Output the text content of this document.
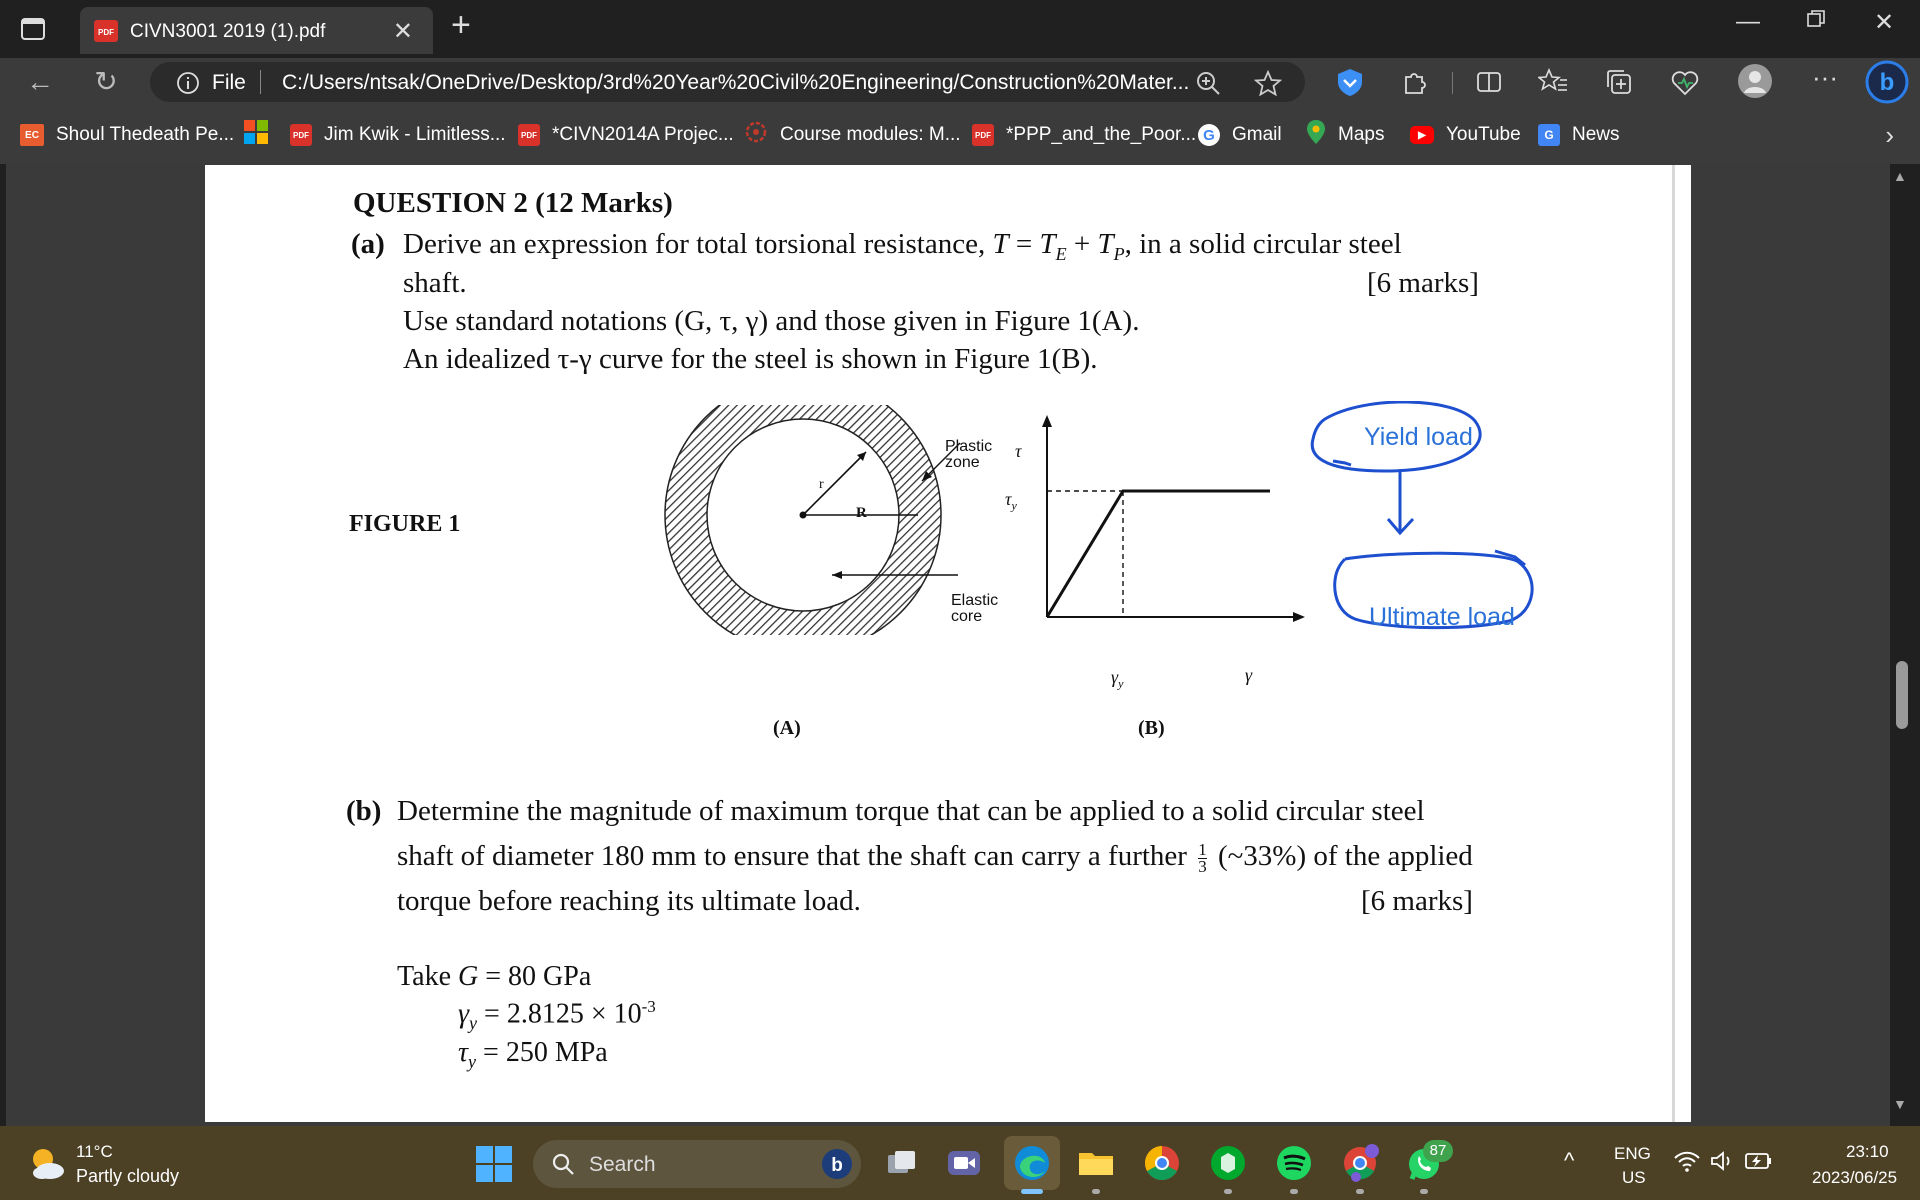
PDF CIVN3001 2019 (1).pdf	✕ +	—	✕
← ↻	File C:/Users/ntsak/OneDrive/Desktop/3rd%20Year%20Civil%20Engineering/Construction%20Mater...	··· b
EC Shoul Thedeath Pe...	PDF Jim Kwik - Limitless...	PDF *CIVN2014A Projec... Course modules: M...	PDF *PPP_and_the_Poor... G Gmail	Maps	▶	YouTube	G News	›
QUESTION 2 (12 Marks)
(a) Derive an expression for total torsional resistance, $T = T_E + T_P$, in a solid circular steel
shaft.	[6 marks]
Use standard notations (G, τ, γ) and those given in Figure 1(A).
An idealized τ-γ curve for the steel is shown in Figure 1(B).
FIGURE 1	R
r
Plastic
zone
Elastic
core
τ
$\tau_y$
$\gamma_y$	γ
(A)	(B)
Yield load
Ultimate load
(b) Determine the magnitude of maximum torque that can be applied to a solid circular steel
shaft of diameter 180 mm to ensure that the shaft can carry a further $\frac{1}{3}$ (~33%) of the applied
torque before reaching its ultimate load.	[6 marks]
Take G = 80 GPa
$\gamma_y = 2.8125 \times 10^{-3}$
$\tau_y = 250$ MPa
▲
▼
11°C
Partly cloudy	Search	b
87	^ ENG
US
23:10
2023/06/25
